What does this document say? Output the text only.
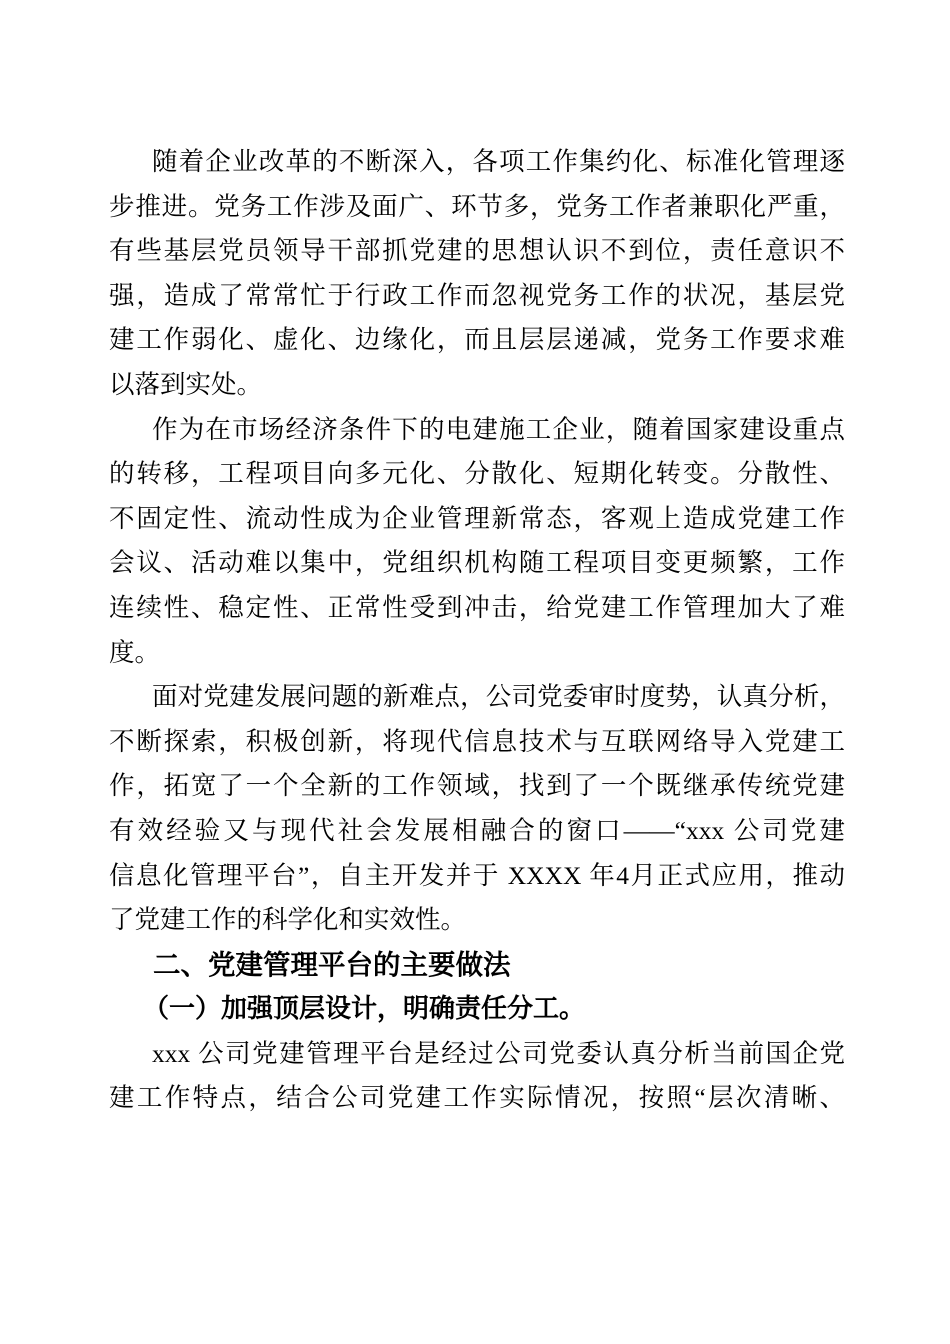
随着企业改革的不断深入，各项工作集约化、标准化管理逐
步推进。党务工作涉及面广、环节多，党务工作者兼职化严重，
有些基层党员领导干部抓党建的思想认识不到位，责任意识不
强，造成了常常忙于行政工作而忽视党务工作的状况，基层党
建工作弱化、虚化、边缘化，而且层层递减，党务工作要求难
以落到实处。
作为在市场经济条件下的电建施工企业，随着国家建设重点
的转移，工程项目向多元化、分散化、短期化转变。分散性、
不固定性、流动性成为企业管理新常态，客观上造成党建工作
会议、活动难以集中，党组织机构随工程项目变更频繁，工作
连续性、稳定性、正常性受到冲击，给党建工作管理加大了难
度。
面对党建发展问题的新难点，公司党委审时度势，认真分析，
不断探索，积极创新，将现代信息技术与互联网络导入党建工
作，拓宽了一个全新的工作领域，找到了一个既继承传统党建
有效经验又与现代社会发展相融合的窗口——“xxx 公司党建
信息化管理平台”，自主开发并于 XXXX 年4月正式应用，推动
了党建工作的科学化和实效性。
二、党建管理平台的主要做法
（一）加强顶层设计，明确责任分工。
xxx 公司党建管理平台是经过公司党委认真分析当前国企党
建工作特点，结合公司党建工作实际情况，按照“层次清晰、
